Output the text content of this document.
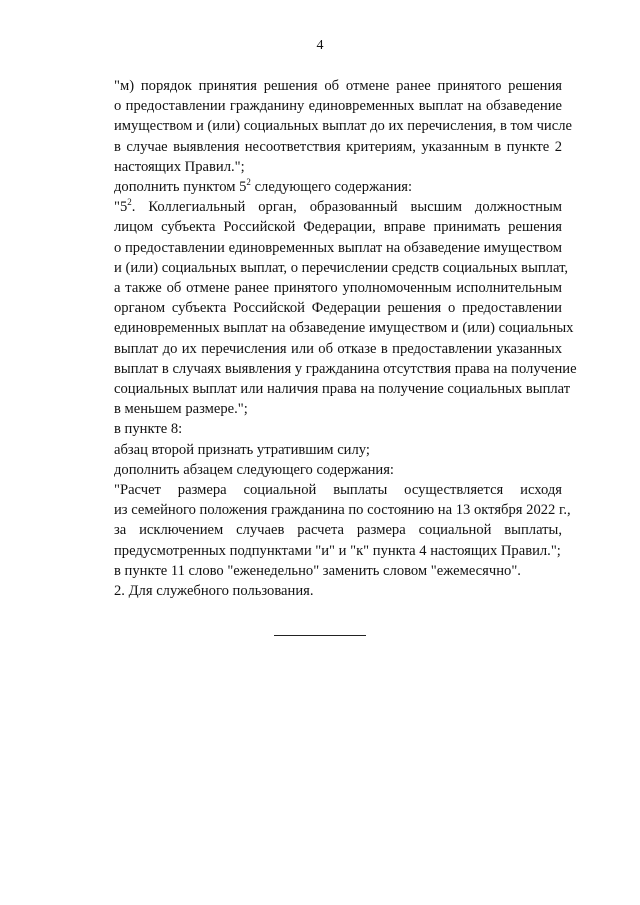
4
"м) порядок принятия решения об отмене ранее принятого решения
о предоставлении гражданину единовременных выплат на обзаведение
имуществом и (или) социальных выплат до их перечисления, в том числе
в случае выявления несоответствия критериям, указанным в пункте 2
настоящих Правил.";
дополнить пунктом $5^2$ следующего содержания:
"$5^2$. Коллегиальный орган, образованный высшим должностным
лицом субъекта Российской Федерации, вправе принимать решения
о предоставлении единовременных выплат на обзаведение имуществом
и (или) социальных выплат, о перечислении средств социальных выплат,
а также об отмене ранее принятого уполномоченным исполнительным
органом субъекта Российской Федерации решения о предоставлении
единовременных выплат на обзаведение имуществом и (или) социальных
выплат до их перечисления или об отказе в предоставлении указанных
выплат в случаях выявления у гражданина отсутствия права на получение
социальных выплат или наличия права на получение социальных выплат
в меньшем размере.";
в пункте 8:
абзац второй признать утратившим силу;
дополнить абзацем следующего содержания:
"Расчет размера социальной выплаты осуществляется исходя
из семейного положения гражданина по состоянию на 13 октября 2022 г.,
за исключением случаев расчета размера социальной выплаты,
предусмотренных подпунктами "и" и "к" пункта 4 настоящих Правил.";
в пункте 11 слово "еженедельно" заменить словом "ежемесячно".
2. Для служебного пользования.
